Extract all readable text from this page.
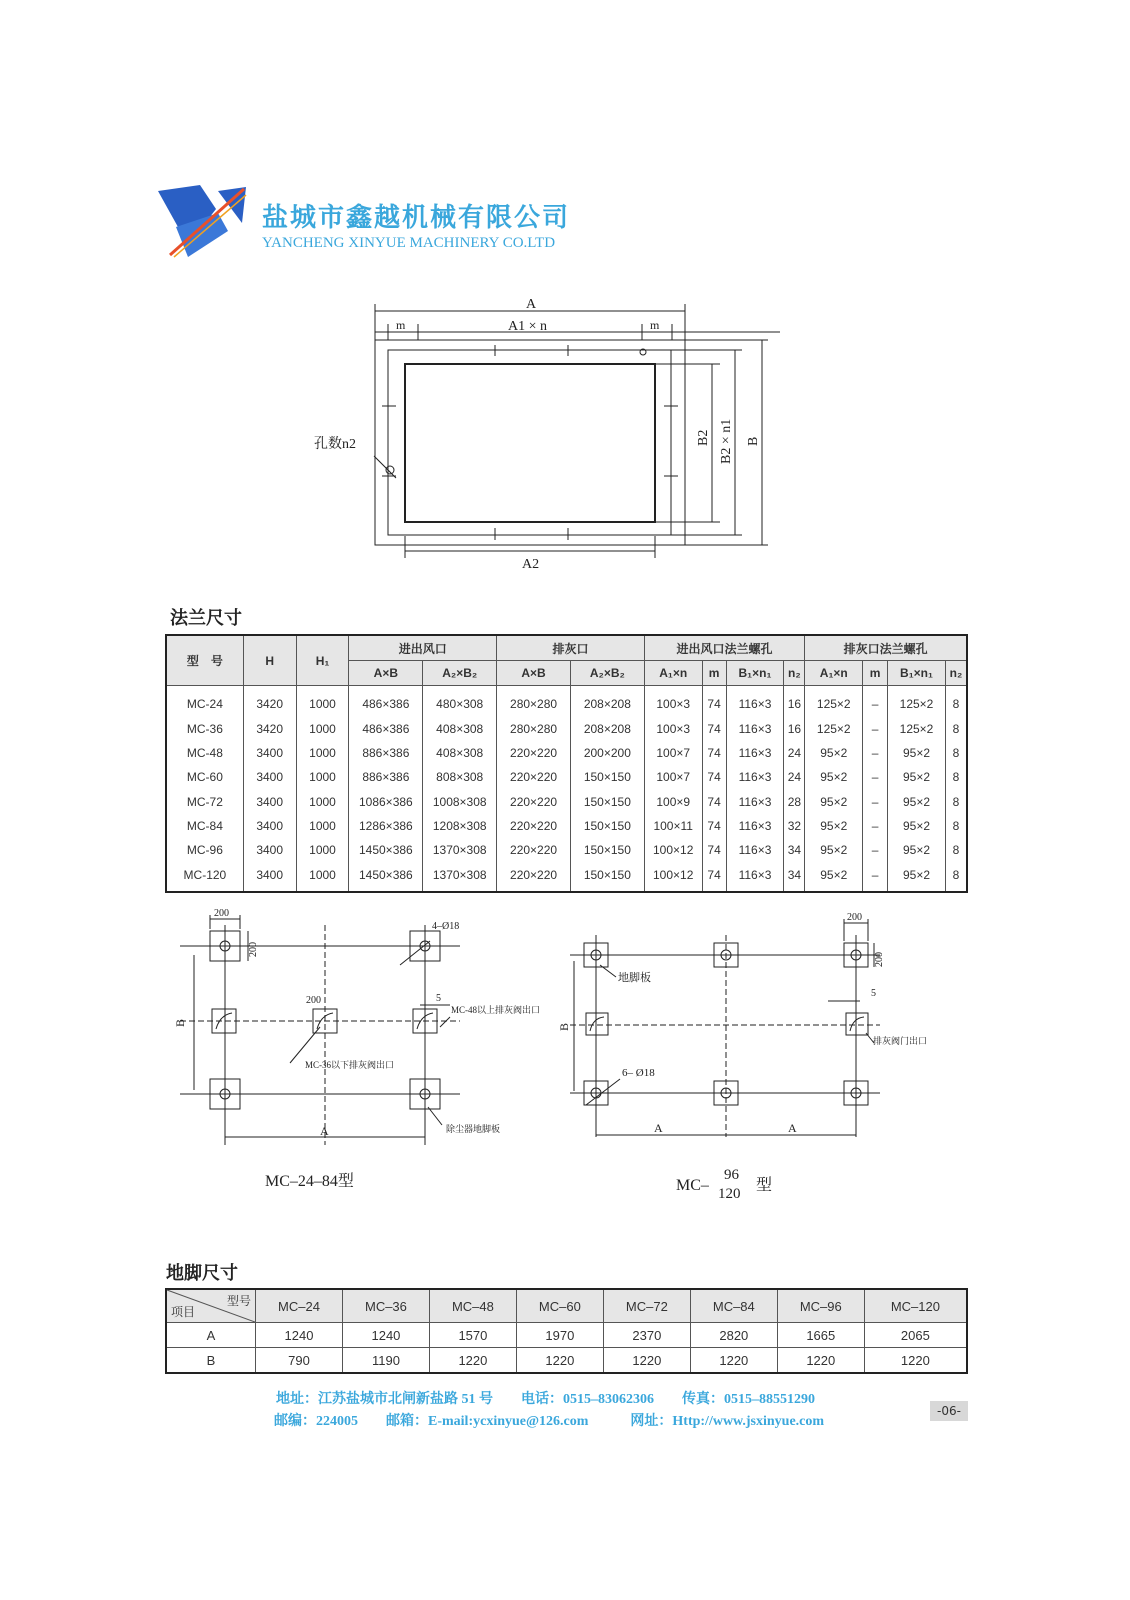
盐城市鑫越机械有限公司
YANCHENG XINYUE MACHINERY CO.LTD
A
A1 × n
m	m
孔数n2
A2
B2 B2 × n1 B
法兰尺寸
型　号	H	H₁	进出风口		排灰口		进出风口法兰螺孔				排灰口法兰螺孔			
			A×B	A₂×B₂	A×B	A₂×B₂	A₁×n	m	B₁×n₁	n₂	A₁×n	m	B₁×n₁	n₂
MC-24	3420	1000	486×386	480×308	280×280	208×208	100×3	74	116×3	16	125×2	–	125×2	8
MC-36	3420	1000	486×386	408×308	280×280	208×208	100×3	74	116×3	16	125×2	–	125×2	8
MC-48	3400	1000	886×386	408×308	220×220	200×200	100×7	74	116×3	24	95×2	–	95×2	8
MC-60	3400	1000	886×386	808×308	220×220	150×150	100×7	74	116×3	24	95×2	–	95×2	8
MC-72	3400	1000	1086×386	1008×308	220×220	150×150	100×9	74	116×3	28	95×2	–	95×2	8
MC-84	3400	1000	1286×386	1208×308	220×220	150×150	100×11	74	116×3	32	95×2	–	95×2	8
MC-96	3400	1000	1450×386	1370×308	220×220	150×150	100×12	74	116×3	34	95×2	–	95×2	8
MC-120	3400	1000	1450×386	1370×308	220×220	150×150	100×12	74	116×3	34	95×2	–	95×2	8
200
200
4–Ø18
5
MC-48以上排灰阀出口
200
MC-36以下排灰阀出口
除尘器地脚板
A
B
MC–24–84型
200
200
地脚板
6– Ø18
5
排灰阀门出口
A	A
B
MC–
96
120 型
地脚尺寸
型号
项目	MC–24	MC–36	MC–48	MC–60	MC–72	MC–84	MC–96	MC–120
A	1240	1240	1570	1970	2370	2820	1665	2065
B	790	1190	1220	1220	1220	1220	1220	1220
地址：江苏盐城市北闸新盐路 51 号　　电话：0515–83062306　　传真：0515–88551290
邮编：224005　　邮箱：E-mail:ycxinyue@126.com　　　网址：Http://www.jsxinyue.com
-06-
